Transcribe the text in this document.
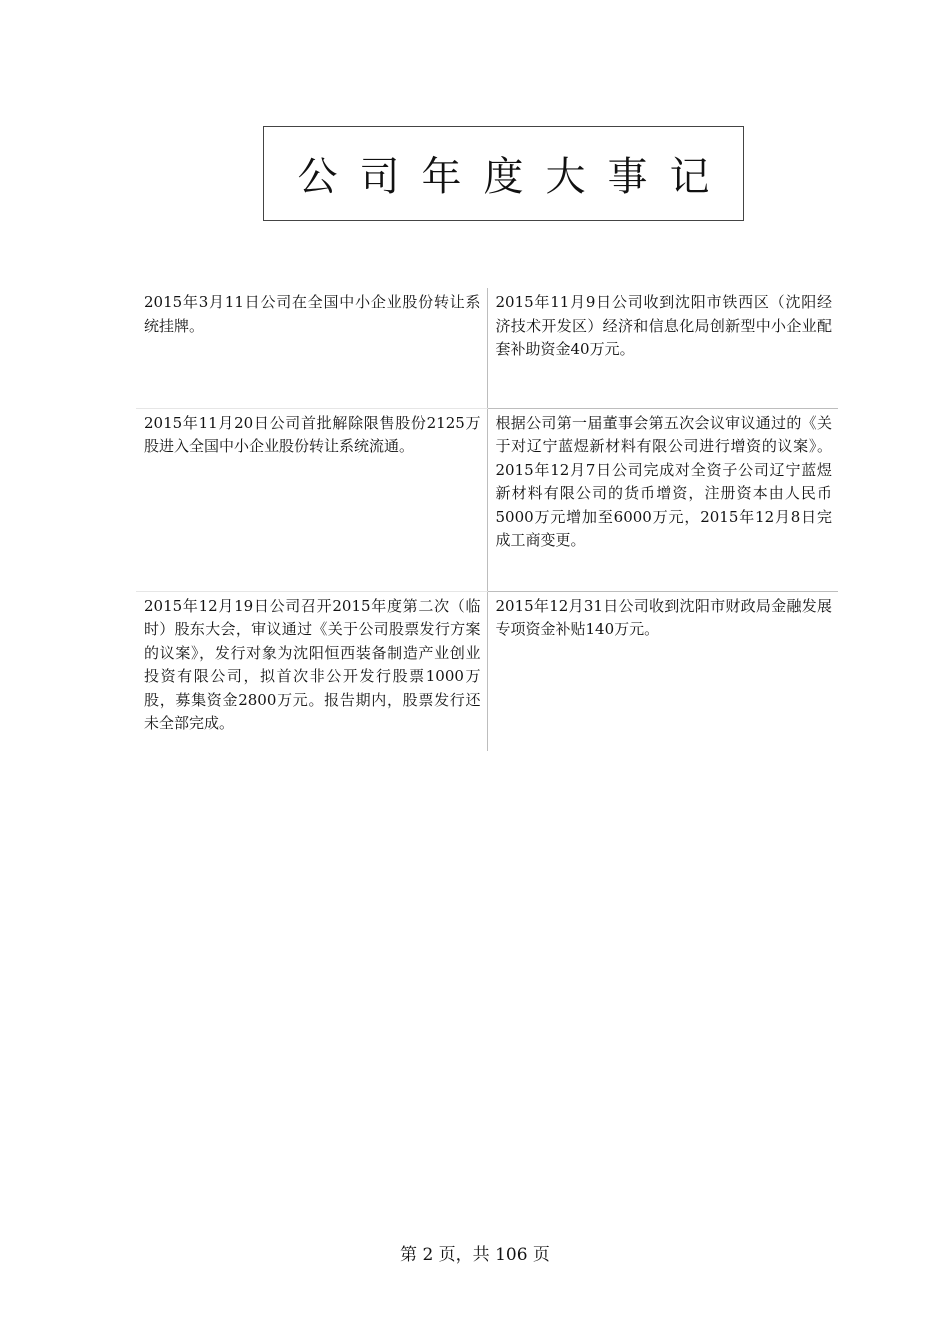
公司年度大事记
2015年3月11日公司在全国中小企业股份转让系统挂牌。	2015年11月9日公司收到沈阳市铁西区（沈阳经济技术开发区）经济和信息化局创新型中小企业配套补助资金40万元。
2015年11月20日公司首批解除限售股份2125万股进入全国中小企业股份转让系统流通。	根据公司第一届董事会第五次会议审议通过的《关于对辽宁蓝煜新材料有限公司进行增资的议案》。2015年12月7日公司完成对全资子公司辽宁蓝煜新材料有限公司的货币增资，注册资本由人民币5000万元增加至6000万元，2015年12月8日完成工商变更。
2015年12月19日公司召开2015年度第二次（临时）股东大会，审议通过《关于公司股票发行方案的议案》，发行对象为沈阳恒西装备制造产业创业投资有限公司，拟首次非公开发行股票1000万股，募集资金2800万元。报告期内，股票发行还未全部完成。	2015年12月31日公司收到沈阳市财政局金融发展专项资金补贴140万元。
第 2 页，共 106 页
